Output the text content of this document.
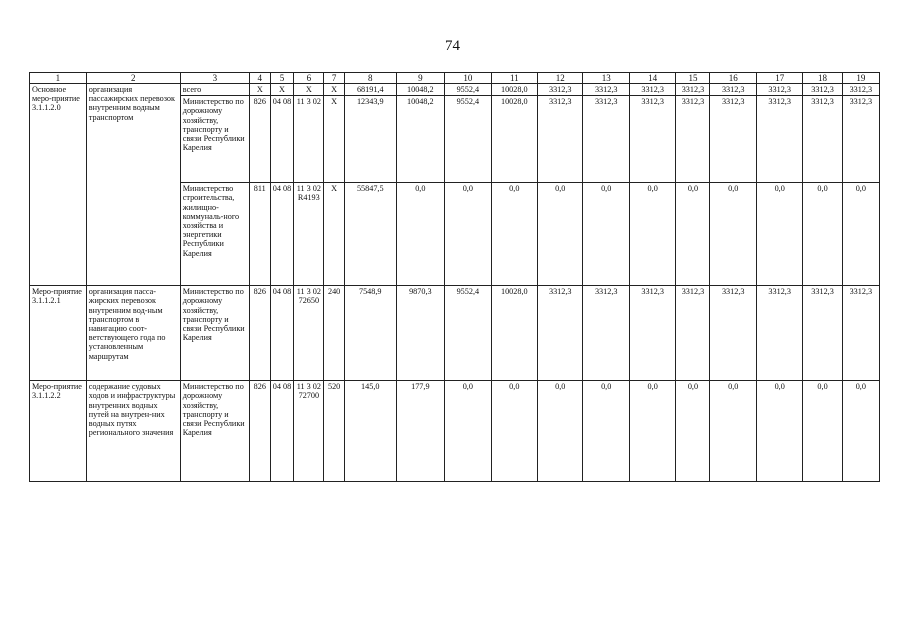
74
1	2	3	4	5	6	7	8	9	10	11	12	13	14	15	16	17	18	19
Основное меро-приятие 3.1.1.2.0	организация пассажирских перевозок внутренним водным транспортом	всего	Х	Х	Х	Х	68191,4	10048,2	9552,4	10028,0	3312,3	3312,3	3312,3	3312,3	3312,3	3312,3	3312,3	3312,3
		Министерство по дорожному хозяйству, транспорту и связи Республики Карелия	826	04 08	11 3 02	Х	12343,9	10048,2	9552,4	10028,0	3312,3	3312,3	3312,3	3312,3	3312,3	3312,3	3312,3	3312,3
		Министерство строительства, жилищно-коммуналь-ного хозяйства и энергетики Республики Карелия	811	04 08	11 3 02 R4193	Х	55847,5	0,0	0,0	0,0	0,0	0,0	0,0	0,0	0,0	0,0	0,0	0,0
Меро-приятие 3.1.1.2.1	организация пасса-жирских перевозок внутренним вод-ным транспортом в навигацию соот-ветствующего года по установленным маршрутам	Министерство по дорожному хозяйству, транспорту и связи Республики Карелия	826	04 08	11 3 02 72650	240	7548,9	9870,3	9552,4	10028,0	3312,3	3312,3	3312,3	3312,3	3312,3	3312,3	3312,3	3312,3
Меро-приятие 3.1.1.2.2	содержание судовых ходов и инфраструктуры внутренних водных путей на внутрен-них водных путях регионального значения	Министерство по дорожному хозяйству, транспорту и связи Республики Карелия	826	04 08	11 3 02 72700	520	145,0	177,9	0,0	0,0	0,0	0,0	0,0	0,0	0,0	0,0	0,0	0,0
